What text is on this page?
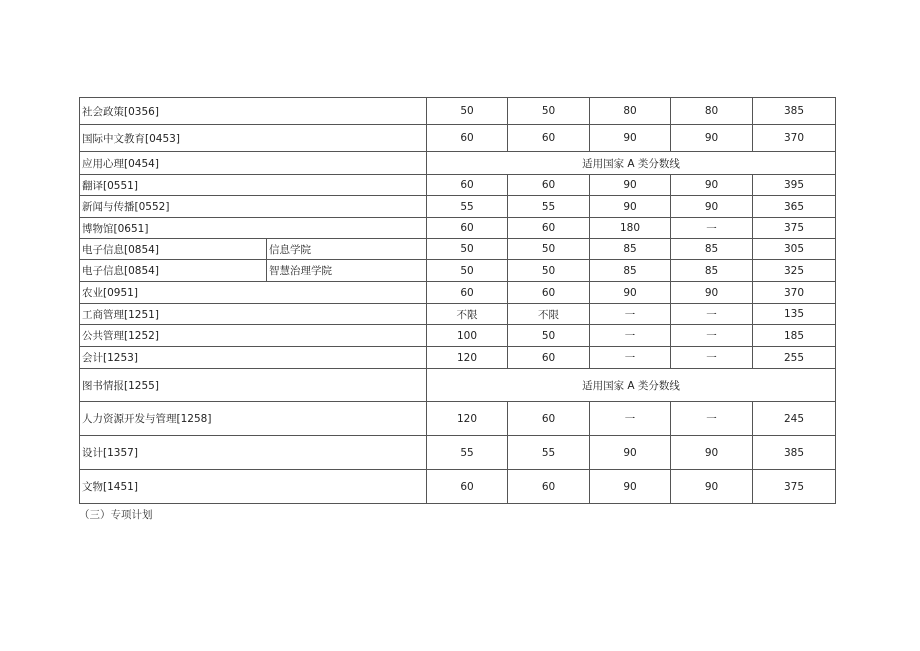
社会政策[0356]		50	50	80	80	385
国际中文教育[0453]		60	60	90	90	370
应用心理[0454]		适用国家 A 类分数线				
翻译[0551]		60	60	90	90	395
新闻与传播[0552]		55	55	90	90	365
博物馆[0651]		60	60	180	一	375
电子信息[0854]	信息学院	50	50	85	85	305
电子信息[0854]	智慧治理学院	50	50	85	85	325
农业[0951]		60	60	90	90	370
工商管理[1251]		不限	不限	一	一	135
公共管理[1252]		100	50	一	一	185
会计[1253]		120	60	一	一	255
图书情报[1255]		适用国家 A 类分数线				
人力资源开发与管理[1258]		120	60	一	一	245
设计[1357]		55	55	90	90	385
文物[1451]		60	60	90	90	375
（三）专项计划
